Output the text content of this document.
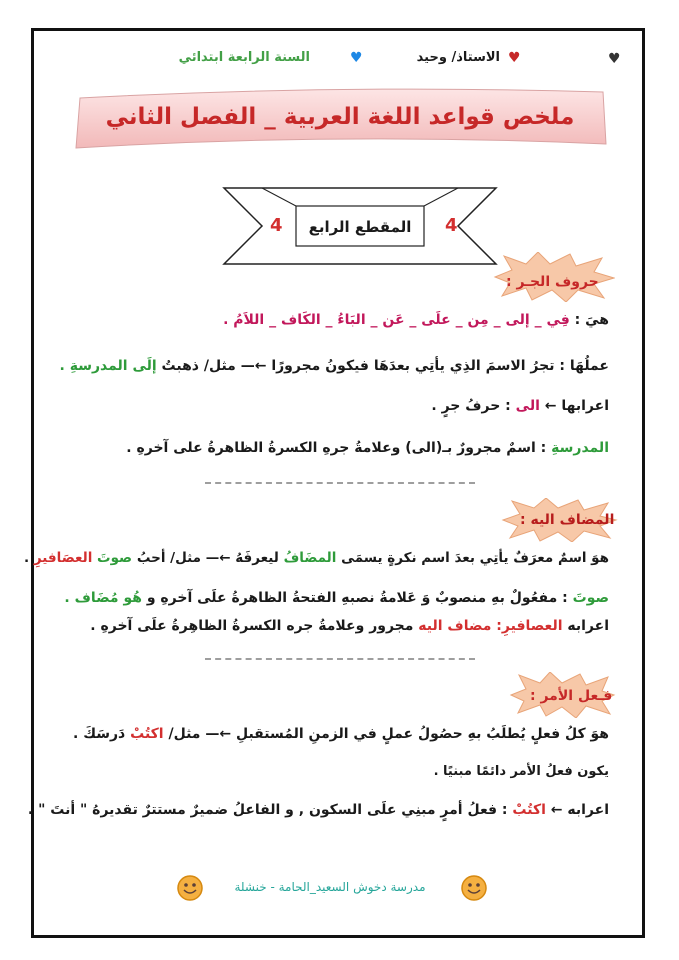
♥
♥
الاستاذ/ وحيد
♥
السنة الرابعة ابتدائي
ملخص قواعد اللغة العربية _ الفصل الثاني
المقطع الرابع	4
4
حروف الجـر :
هيَ : فِي _ إلى _ مِن _ علَى _ عَن _ البَاءُ _ الكَاف _ اللاَمُ .
عملُهَا : تجرُ الاسمَ الذِي يأتِي بعدَهَا فيكونُ مجرورًا ←— مثل/ ذهبتُ إلَى المدرسةِ .
اعرابها ← الى : حرفُ جرٍ .
المدرسةِ : اسمٌ مجرورٌ بـ(الى) وعلامةُ جرهِ الكسرةُ الظاهرةُ على آخرهِ .
المضاف اليه :
هوَ اسمٌ معرَفٌ يأتِي بعدَ اسم نكرةٍ يسمَى المضَافُ ليعرفَهُ ←— مثل/ أحبُ صوتَ العصَافيرِ .
صوتَ : مفعُولٌ بهِ منصوبٌ وَ عَلامةُ نصبهِ الفتحةُ الظاهرةُ علَى آخرهِ و هُو مُضَاف .
اعرابه العصافيرِ: مضاف اليه مجرور وعلامةُ جره الكسرةُ الظاهِرةُ علَى آخرهِ .
فـعل الأمر :
هوَ كلُ فعلٍ يُطلَبُ بهِ حصُولُ عملٍ في الزمنِ المُستقبلِ ←— مثل/ اكتُبْ دَرسَكَ .
يكون فعلُ الأمر دائمًا مبنيًا .
اعرابه ← اكتُبْ : فعلُ أمرٍ مبنِي علَى السكون , و الفاعلُ ضميرٌ مستترٌ تقديرهُ " أنتَ " .
مدرسة دخوش السعيد_الحامة - خنشلة
